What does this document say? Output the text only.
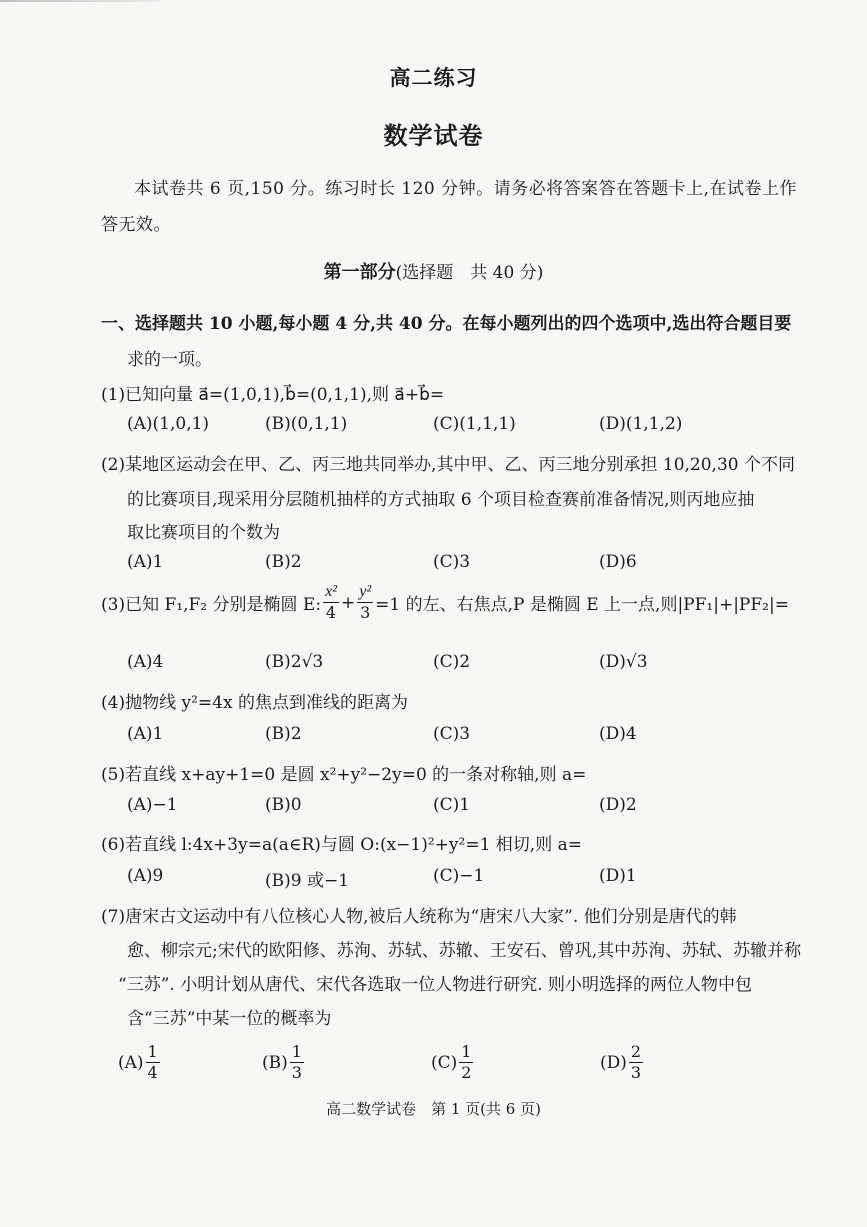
高二练习
数学试卷
本试卷共 6 页,150 分。练习时长 120 分钟。请务必将答案答在答题卡上,在试卷上作
答无效。
第一部分(选择题　共 40 分)
一、选择题共 10 小题,每小题 4 分,共 40 分。在每小题列出的四个选项中,选出符合题目要
求的一项。
(1)已知向量 a⃗=(1,0,1),b⃗=(0,1,1),则 a⃗+b⃗=
(A)(1,0,1)	(B)(0,1,1)	(C)(1,1,1)	(D)(1,1,2)
(2)某地区运动会在甲、乙、丙三地共同举办,其中甲、乙、丙三地分别承担 10,20,30 个不同
的比赛项目,现采用分层随机抽样的方式抽取 6 个项目检查赛前准备情况,则丙地应抽
取比赛项目的个数为
(A)1	(B)2	(C)3	(D)6
(3)已知 F₁,F₂ 分别是椭圆 E: $\frac{\text{x²}}{4} + \frac{\text{y²}}{3} =1$ 的左、右焦点,P 是椭圆 E 上一点,则|PF₁|+|PF₂|=
(A)4	(B)2√3	(C)2	(D)√3
(4)抛物线 y²=4x 的焦点到准线的距离为
(A)1	(B)2	(C)3	(D)4
(5)若直线 x+ay+1=0 是圆 x²+y²−2y=0 的一条对称轴,则 a=
(A)−1	(B)0	(C)1	(D)2
(6)若直线 l:4x+3y=a(a∈R)与圆 O:(x−1)²+y²=1 相切,则 a=
(A)9	(B)9 或−1	(C)−1	(D)1
(7)唐宋古文运动中有八位核心人物,被后人统称为“唐宋八大家”. 他们分别是唐代的韩
愈、柳宗元;宋代的欧阳修、苏洵、苏轼、苏辙、王安石、曾巩,其中苏洵、苏轼、苏辙并称
“三苏”. 小明计划从唐代、宋代各选取一位人物进行研究. 则小明选择的两位人物中包
含“三苏”中某一位的概率为
$(A) \frac{1}{4}$	$(B) \frac{1}{3}$	$(C) \frac{1}{2}$	$(D) \frac{2}{3}$
高二数学试卷　第 1 页(共 6 页)
